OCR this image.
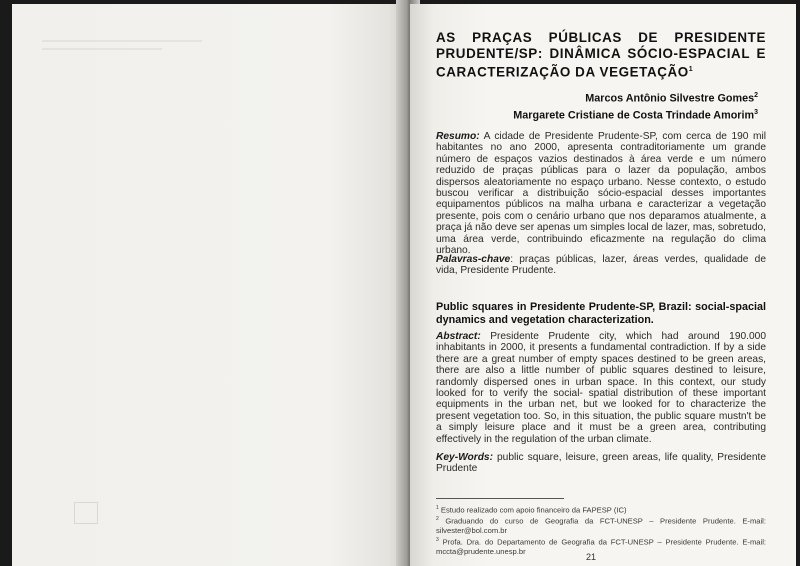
AS PRAÇAS PÚBLICAS DE PRESIDENTE PRUDENTE/SP: DINÂMICA SÓCIO-ESPACIAL E CARACTERIZAÇÃO DA VEGETAÇÃO$^1$
Marcos Antônio Silvestre Gomes$^2$
Margarete Cristiane de Costa Trindade Amorim$^3$
Resumo: A cidade de Presidente Prudente-SP, com cerca de 190 mil habitantes no ano 2000, apresenta contraditoriamente um grande número de espaços vazios destinados à área verde e um número reduzido de praças públicas para o lazer da população, ambos dispersos aleatoriamente no espaço urbano. Nesse contexto, o estudo buscou verificar a distribuição sócio-espacial desses importantes equipamentos públicos na malha urbana e caracterizar a vegetação presente, pois com o cenário urbano que nos deparamos atualmente, a praça já não deve ser apenas um simples local de lazer, mas, sobretudo, uma área verde, contribuindo eficazmente na regulação do clima urbano.
Palavras-chave: praças públicas, lazer, áreas verdes, qualidade de vida, Presidente Prudente.
Public squares in Presidente Prudente-SP, Brazil: social-spacial dynamics and vegetation characterization.
Abstract: Presidente Prudente city, which had around 190.000 inhabitants in 2000, it presents a fundamental contradiction. If by a side there are a great number of empty spaces destined to be green areas, there are also a little number of public squares destined to leisure, randomly dispersed ones in urban space. In this context, our study looked for to verify the social- spatial distribution of these important equipments in the urban net, but we looked for to characterize the present vegetation too. So, in this situation, the public square mustn't be a simply leisure place and it must be a green area, contributing effectively in the regulation of the urban climate.
Key-Words: public square, leisure, green areas, life quality, Presidente Prudente
$^1$ Estudo realizado com apoio financeiro da FAPESP (IC)
$^2$ Graduando do curso de Geografia da FCT-UNESP – Presidente Prudente. E-mail: silvester@bol.com.br
$^3$ Profa. Dra. do Departamento de Geografia da FCT-UNESP – Presidente Prudente. E-mail: mccta@prudente.unesp.br
21
